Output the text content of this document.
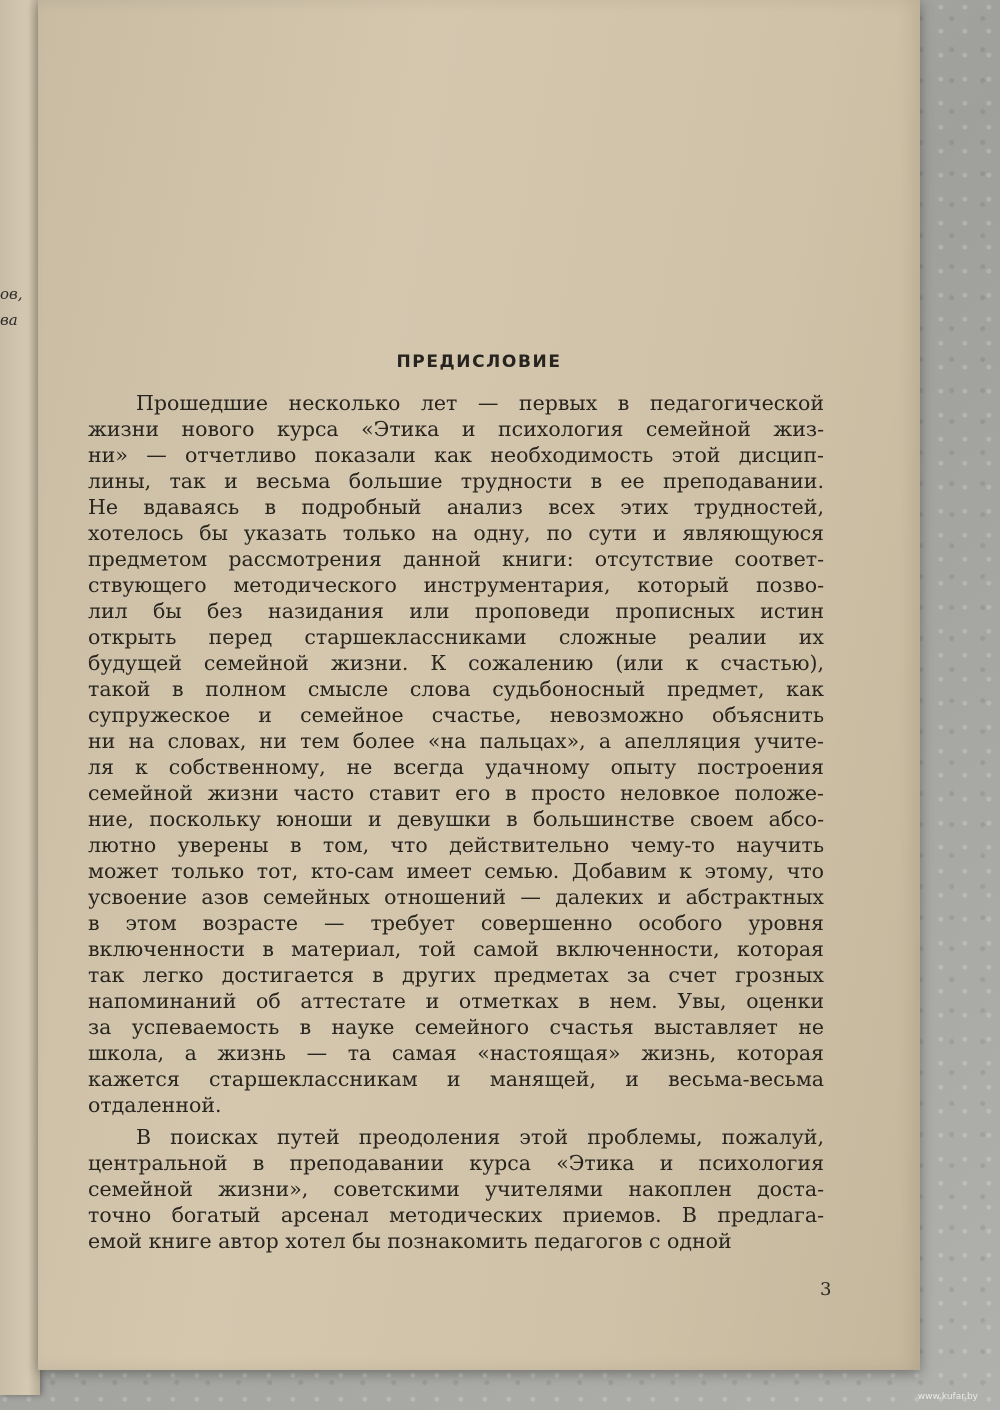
ов,
ва
ПРЕДИСЛОВИЕ
Прошедшие несколько лет — первых в педагогической
жизни нового курса «Этика и психология семейной жиз-
ни» — отчетливо показали как необходимость этой дисцип-
лины, так и весьма большие трудности в ее преподавании.
Не вдаваясь в подробный анализ всех этих трудностей,
хотелось бы указать только на одну, по сути и являющуюся
предметом рассмотрения данной книги: отсутствие соответ-
ствующего методического инструментария, который позво-
лил бы без назидания или проповеди прописных истин
открыть перед старшеклассниками сложные реалии их
будущей семейной жизни. К сожалению (или к счастью),
такой в полном смысле слова судьбоносный предмет, как
супружеское и семейное счастье, невозможно объяснить
ни на словах, ни тем более «на пальцах», а апелляция учите-
ля к собственному, не всегда удачному опыту построения
семейной жизни часто ставит его в просто неловкое положе-
ние, поскольку юноши и девушки в большинстве своем абсо-
лютно уверены в том, что действительно чему-то научить
может только тот, кто-сам имеет семью. Добавим к этому, что
усвоение азов семейных отношений — далеких и абстрактных
в этом возрасте — требует совершенно особого уровня
включенности в материал, той самой включенности, которая
так легко достигается в других предметах за счет грозных
напоминаний об аттестате и отметках в нем. Увы, оценки
за успеваемость в науке семейного счастья выставляет не
школа, а жизнь — та самая «настоящая» жизнь, которая
кажется старшеклассникам и манящей, и весьма-весьма
отдаленной.
В поисках путей преодоления этой проблемы, пожалуй,
центральной в преподавании курса «Этика и психология
семейной жизни», советскими учителями накоплен доста-
точно богатый арсенал методических приемов. В предлага-
емой книге автор хотел бы познакомить педагогов с одной
3
www.kufar.by
